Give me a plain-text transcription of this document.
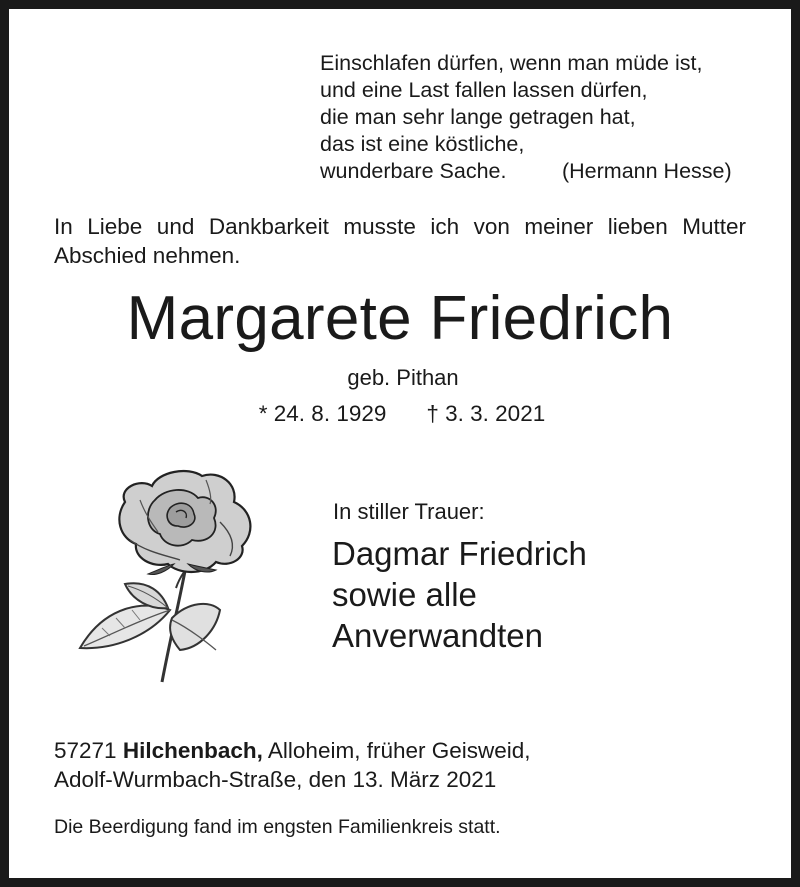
Einschlafen dürfen, wenn man müde ist,
und eine Last fallen lassen dürfen,
die man sehr lange getragen hat,
das ist eine köstliche,
wunderbare Sache.	(Hermann Hesse)
In Liebe und Dankbarkeit musste ich von meiner lieben Mutter Abschied nehmen.
Margarete Friedrich
geb. Pithan
* 24. 8. 1929 † 3. 3. 2021
In stiller Trauer:
Dagmar Friedrich
sowie alle
Anverwandten
57271 Hilchenbach, Alloheim, früher Geisweid,
Adolf-Wurmbach-Straße, den 13. März 2021
Die Beerdigung fand im engsten Familienkreis statt.
